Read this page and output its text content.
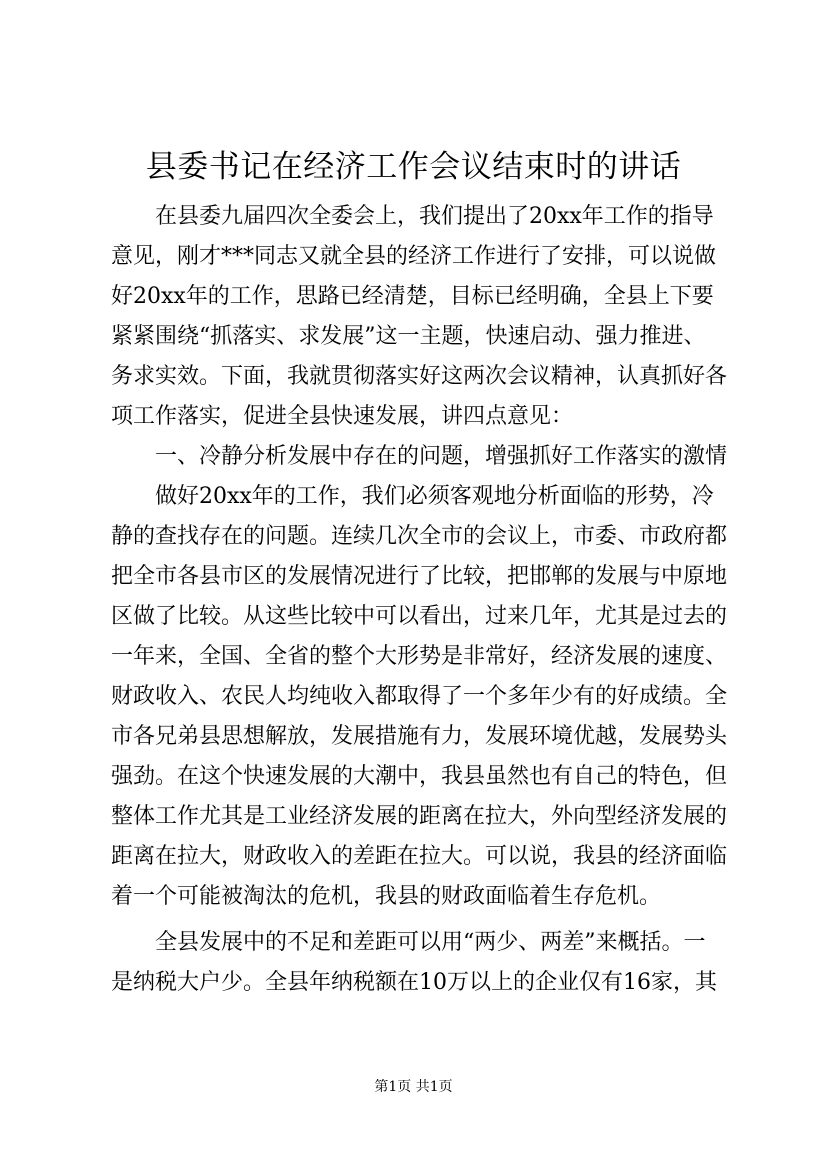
县委书记在经济工作会议结束时的讲话
　　在县委九届四次全委会上，我们提出了20xx年工作的指导
意见，刚才***同志又就全县的经济工作进行了安排，可以说做
好20xx年的工作，思路已经清楚，目标已经明确，全县上下要
紧紧围绕“抓落实、求发展”这一主题，快速启动、强力推进、
务求实效。下面，我就贯彻落实好这两次会议精神，认真抓好各
项工作落实，促进全县快速发展，讲四点意见：
　　一、冷静分析发展中存在的问题，增强抓好工作落实的激情
　　做好20xx年的工作，我们必须客观地分析面临的形势，冷
静的查找存在的问题。连续几次全市的会议上，市委、市政府都
把全市各县市区的发展情况进行了比较，把邯郸的发展与中原地
区做了比较。从这些比较中可以看出，过来几年，尤其是过去的
一年来，全国、全省的整个大形势是非常好，经济发展的速度、
财政收入、农民人均纯收入都取得了一个多年少有的好成绩。全
市各兄弟县思想解放，发展措施有力，发展环境优越，发展势头
强劲。在这个快速发展的大潮中，我县虽然也有自己的特色，但
整体工作尤其是工业经济发展的距离在拉大，外向型经济发展的
距离在拉大，财政收入的差距在拉大。可以说，我县的经济面临
着一个可能被淘汰的危机，我县的财政面临着生存危机。
　　全县发展中的不足和差距可以用“两少、两差”来概括。一
是纳税大户少。全县年纳税额在10万以上的企业仅有16家，其
第1页 共1页
